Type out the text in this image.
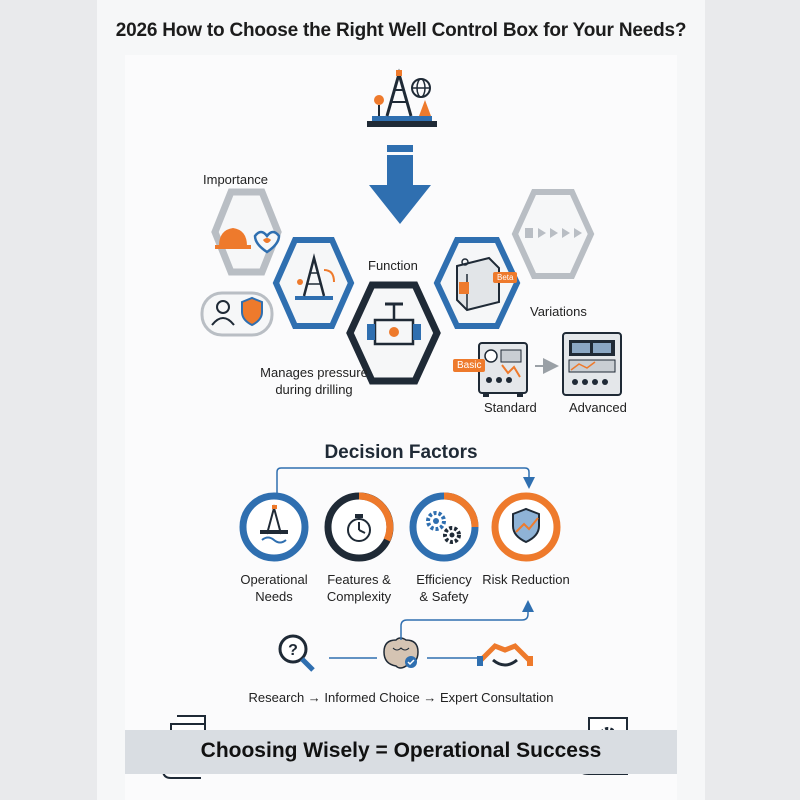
2026 How to Choose the Right Well Control Box for Your Needs?
?
Importance
Function
Variations
Manages pressure
during drilling
Basic
Beta
Standard Advanced
Decision Factors
Operational
Needs
Features &
Complexity
Efficiency
& Safety
Risk Reduction
Research → Informed Choice → Expert Consultation
Choosing Wisely = Operational Success
